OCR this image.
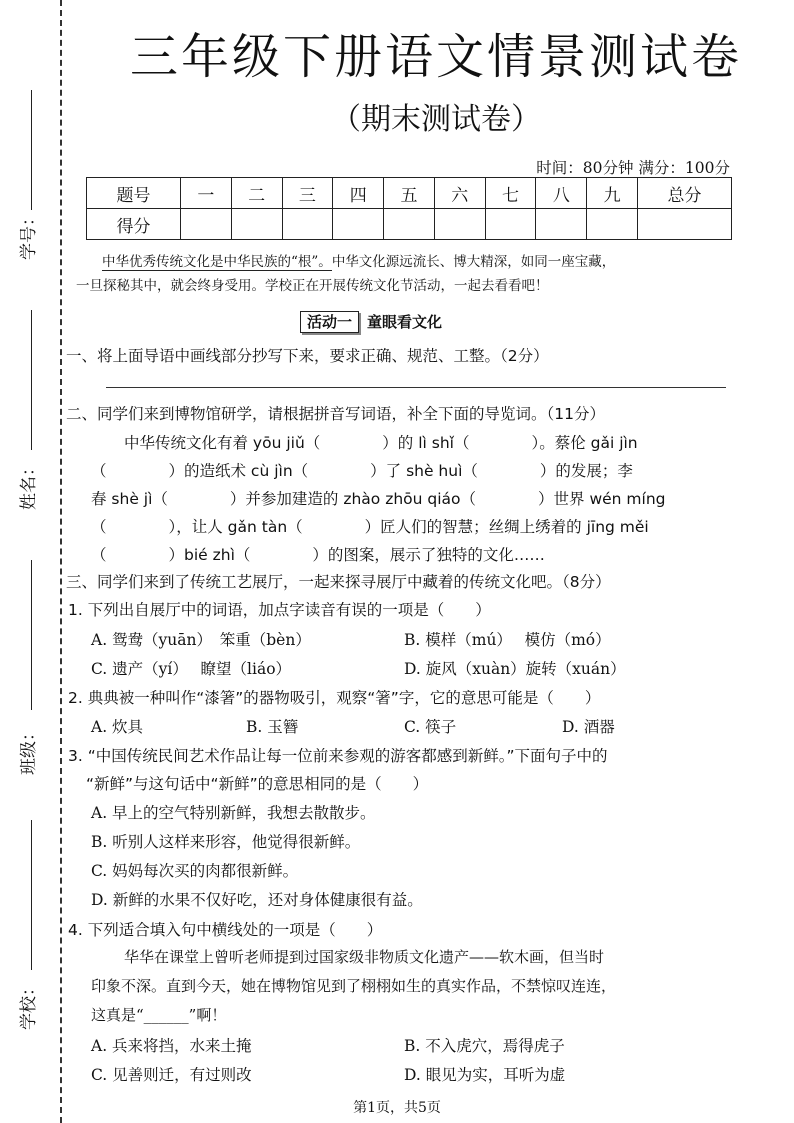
学号：
姓名：
班级：
学校：
三年级下册语文情景测试卷
（期末测试卷）
时间：80分钟 满分：100分
题号	一	二	三	四	五	六	七	八	九	总分
得分										
中华优秀传统文化是中华民族的“根”。中华文化源远流长、博大精深，如同一座宝藏，
一旦探秘其中，就会终身受用。学校正在开展传统文化节活动，一起去看看吧！
活动一 童眼看文化
一、将上面导语中画线部分抄写下来，要求正确、规范、工整。（2分）
二、同学们来到博物馆研学，请根据拼音写词语，补全下面的导览词。（11分）
中华传统文化有着 yōu jiǔ（　　　　）的 lì shǐ（　　　　）。蔡伦 gǎi jìn
（　　　　）的造纸术 cù jìn（　　　　）了 shè huì（　　　　）的发展；李
春 shè jì（　　　　）并参加建造的 zhào zhōu qiáo（　　　　）世界 wén míng
（　　　　），让人 gǎn tàn（　　　　）匠人们的智慧；丝绸上绣着的 jīng měi
（　　　　）bié zhì（　　　　）的图案，展示了独特的文化……
三、同学们来到了传统工艺展厅，一起来探寻展厅中藏着的传统文化吧。（8分）
1. 下列出自展厅中的词语，加点字读音有误的一项是（　　）
A. 鸳鸯（yuān）　笨重（bèn）	B. 模样（mú）　 模仿（mó）
C. 遗产（yí）　 瞭望（liáo）	D. 旋风（xuàn）旋转（xuán）
2. 典典被一种叫作“漆箸”的器物吸引，观察“箸”字，它的意思可能是（　　）
A. 炊具	B. 玉簪	C. 筷子	D. 酒器
3. “中国传统民间艺术作品让每一位前来参观的游客都感到新鲜。”下面句子中的
“新鲜”与这句话中“新鲜”的意思相同的是（　　）
A. 早上的空气特别新鲜，我想去散散步。
B. 听别人这样来形容，他觉得很新鲜。
C. 妈妈每次买的肉都很新鲜。
D. 新鲜的水果不仅好吃，还对身体健康很有益。
4. 下列适合填入句中横线处的一项是（　　）
华华在课堂上曾听老师提到过国家级非物质文化遗产——软木画，但当时
印象不深。直到今天，她在博物馆见到了栩栩如生的真实作品，不禁惊叹连连，
这真是“______”啊！
A. 兵来将挡，水来土掩	B. 不入虎穴，焉得虎子
C. 见善则迁，有过则改	D. 眼见为实，耳听为虚
第1页，共5页
